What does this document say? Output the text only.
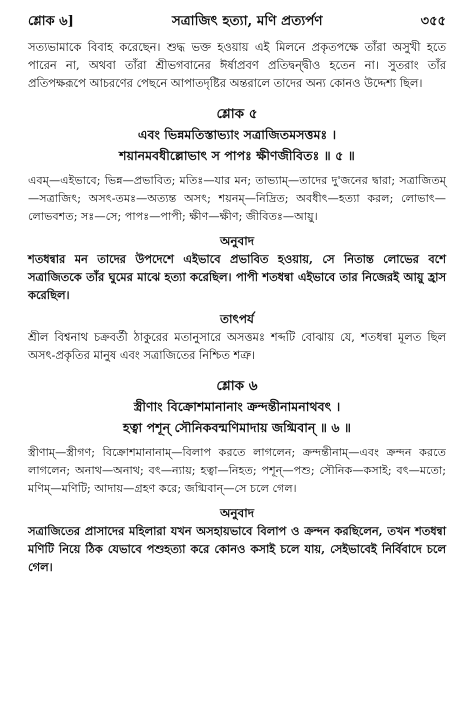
শ্লোক ৬]	সত্রাজিৎ হত্যা, মণি প্রত্যর্পণ	৩৫৫

সত্যভামাকে বিবাহ করেছেন। শুদ্ধ ভক্ত হওয়ায় এই মিলনে প্রকৃতপক্ষে তাঁরা অসুখী হতে পারেন না, অথবা তাঁরা শ্রীভগবানের ঈর্ষাপ্রবণ প্রতিদ্বন্দ্বীও হতেন না। সুতরাং তাঁর প্রতিপক্ষরূপে আচরণের পেছনে আপাতদৃষ্টির অন্তরালে তাদের অন্য কোনও উদ্দেশ্য ছিল।

শ্লোক ৫
এবং ভিন্নমতিস্তাভ্যাং সত্রাজিতমসত্তমঃ ।
শয়ানমবধীল্লোভাৎ স পাপঃ ক্ষীণজীবিতঃ ॥ ৫ ॥
এবম্—এইভাবে; ভিন্ন—প্রভাবিত; মতিঃ—যার মন; তাভ্যাম্—তাদের দু'জনের দ্বারা; সত্রাজিতম্—সত্রাজিৎ; অসৎ-তমঃ—অত্যন্ত অসৎ; শয়নম্—নিদ্রিত; অবধীৎ—হত্যা করল; লোভাৎ—লোভবশত; সঃ—সে; পাপঃ—পাপী; ক্ষীণ—ক্ষীণ; জীবিতঃ—আয়ু।
অনুবাদ
শতধন্বার মন তাদের উপদেশে এইভাবে প্রভাবিত হওয়ায়, সে নিতান্ত লোভের বশে সত্রাজিতকে তাঁর ঘুমের মাঝে হত্যা করেছিল। পাপী শতধন্বা এইভাবে তার নিজেরই আয়ু হ্রাস করেছিল।
তাৎপর্য
শ্রীল বিশ্বনাথ চক্রবর্তী ঠাকুরের মতানুসারে অসত্তমঃ শব্দটি বোঝায় যে, শতধন্বা মূলত ছিল অসৎ-প্রকৃতির মানুষ এবং সত্রাজিতের নিশ্চিত শত্রু।
শ্লোক ৬
স্ত্রীণাং বিক্রোশমানানাং ক্রন্দন্তীনামনাথবৎ ।
হত্বা পশূন্ সৌনিকবন্মণিমাদায় জগ্মিবান্ ॥ ৬ ॥
স্ত্রীণাম্—স্ত্রীগণ; বিক্রোশমানানাম্—বিলাপ করতে লাগলেন; ক্রন্দন্তীনাম্—এবং ক্রন্দন করতে লাগলেন; অনাথ—অনাথ; বৎ—ন্যায়; হত্বা—নিহত; পশূন্—পশু; সৌনিক—কসাই; বৎ—মতো; মণিম্—মণিটি; আদায়—গ্রহণ করে; জগ্মিবান্—সে চলে গেল।
অনুবাদ
সত্রাজিতের প্রাসাদের মহিলারা যখন অসহায়ভাবে বিলাপ ও ক্রন্দন করছিলেন, তখন শতধন্বা মণিটি নিয়ে ঠিক যেভাবে পশুহত্যা করে কোনও কসাই চলে যায়, সেইভাবেই নির্বিবাদে চলে গেল।
